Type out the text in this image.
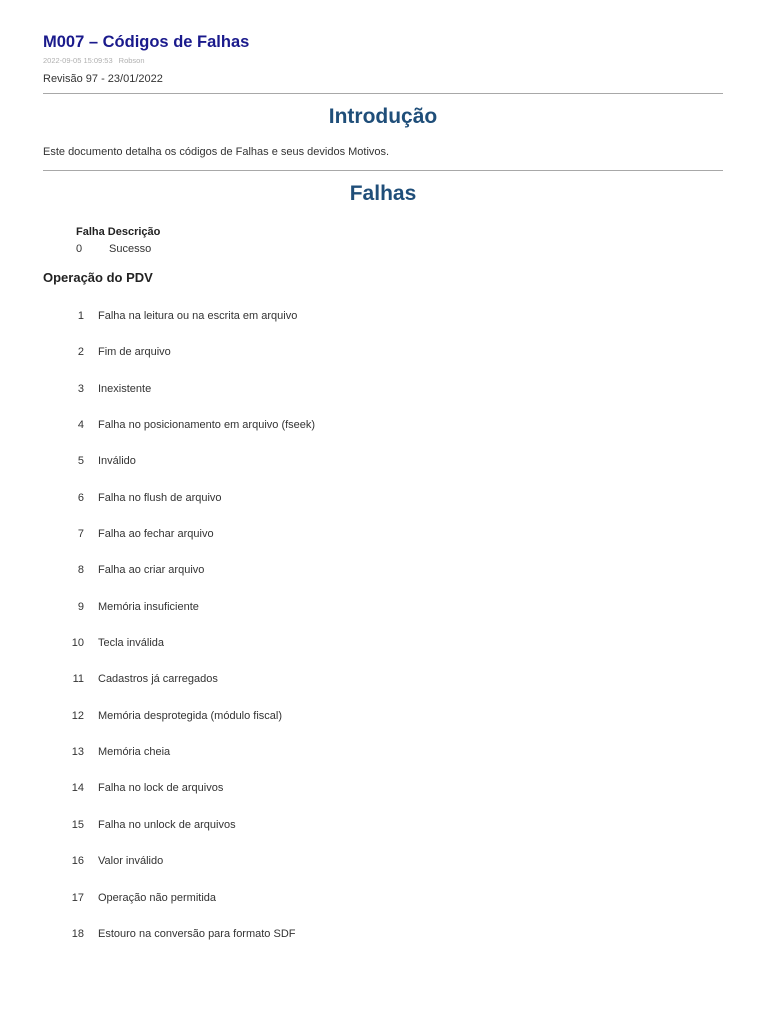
M007 – Códigos de Falhas
2022-09-05 15:09:53 Robson
Revisão 97 - 23/01/2022
Introdução
Este documento detalha os códigos de Falhas e seus devidos Motivos.
Falhas
Falha Descrição
0 Sucesso
Operação do PDV
1 Falha na leitura ou na escrita em arquivo
2 Fim de arquivo
3 Inexistente
4 Falha no posicionamento em arquivo (fseek)
5 Inválido
6 Falha no flush de arquivo
7 Falha ao fechar arquivo
8 Falha ao criar arquivo
9 Memória insuficiente
10 Tecla inválida
11 Cadastros já carregados
12 Memória desprotegida (módulo fiscal)
13 Memória cheia
14 Falha no lock de arquivos
15 Falha no unlock de arquivos
16 Valor inválido
17 Operação não permitida
18 Estouro na conversão para formato SDF
